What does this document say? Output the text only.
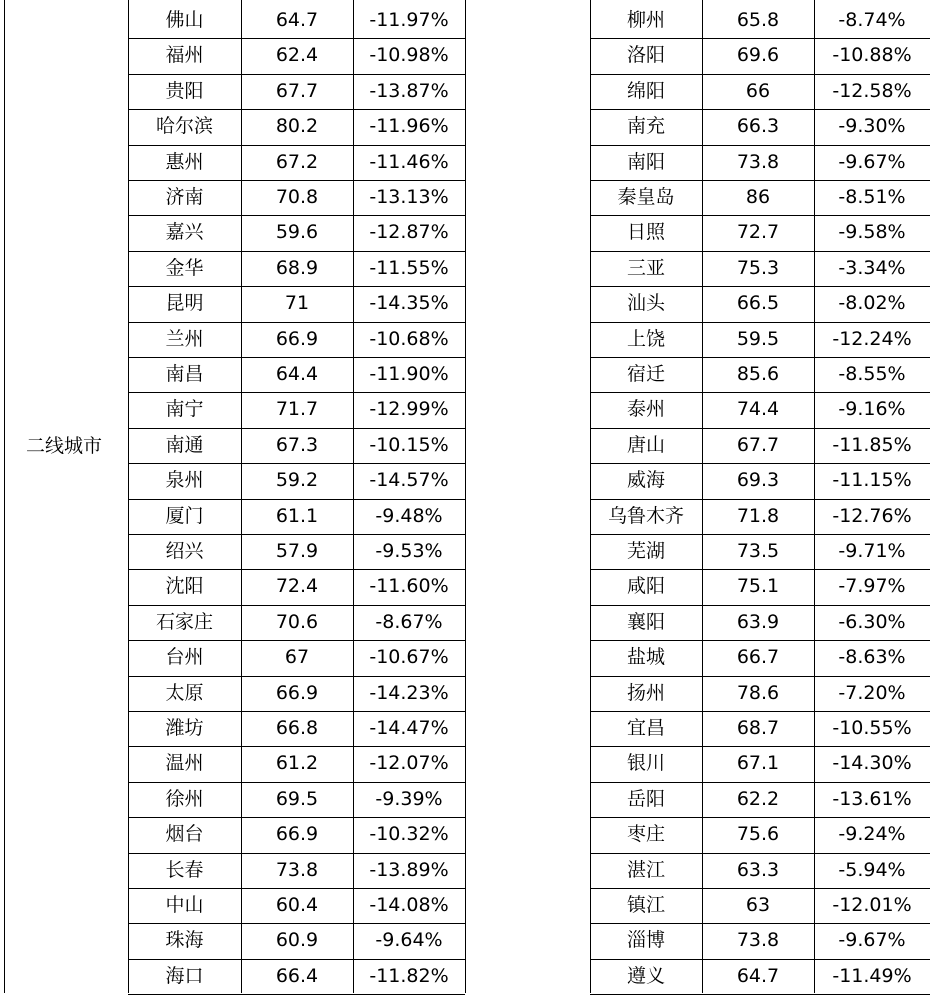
二线城市
佛山	64.7	-11.97%
福州	62.4	-10.98%
贵阳	67.7	-13.87%
哈尔滨	80.2	-11.96%
惠州	67.2	-11.46%
济南	70.8	-13.13%
嘉兴	59.6	-12.87%
金华	68.9	-11.55%
昆明	71	-14.35%
兰州	66.9	-10.68%
南昌	64.4	-11.90%
南宁	71.7	-12.99%
南通	67.3	-10.15%
泉州	59.2	-14.57%
厦门	61.1	-9.48%
绍兴	57.9	-9.53%
沈阳	72.4	-11.60%
石家庄	70.6	-8.67%
台州	67	-10.67%
太原	66.9	-14.23%
潍坊	66.8	-14.47%
温州	61.2	-12.07%
徐州	69.5	-9.39%
烟台	66.9	-10.32%
长春	73.8	-13.89%
中山	60.4	-14.08%
珠海	60.9	-9.64%
海口	66.4	-11.82%
柳州	65.8	-8.74%
洛阳	69.6	-10.88%
绵阳	66	-12.58%
南充	66.3	-9.30%
南阳	73.8	-9.67%
秦皇岛	86	-8.51%
日照	72.7	-9.58%
三亚	75.3	-3.34%
汕头	66.5	-8.02%
上饶	59.5	-12.24%
宿迁	85.6	-8.55%
泰州	74.4	-9.16%
唐山	67.7	-11.85%
威海	69.3	-11.15%
乌鲁木齐	71.8	-12.76%
芜湖	73.5	-9.71%
咸阳	75.1	-7.97%
襄阳	63.9	-6.30%
盐城	66.7	-8.63%
扬州	78.6	-7.20%
宜昌	68.7	-10.55%
银川	67.1	-14.30%
岳阳	62.2	-13.61%
枣庄	75.6	-9.24%
湛江	63.3	-5.94%
镇江	63	-12.01%
淄博	73.8	-9.67%
遵义	64.7	-11.49%
